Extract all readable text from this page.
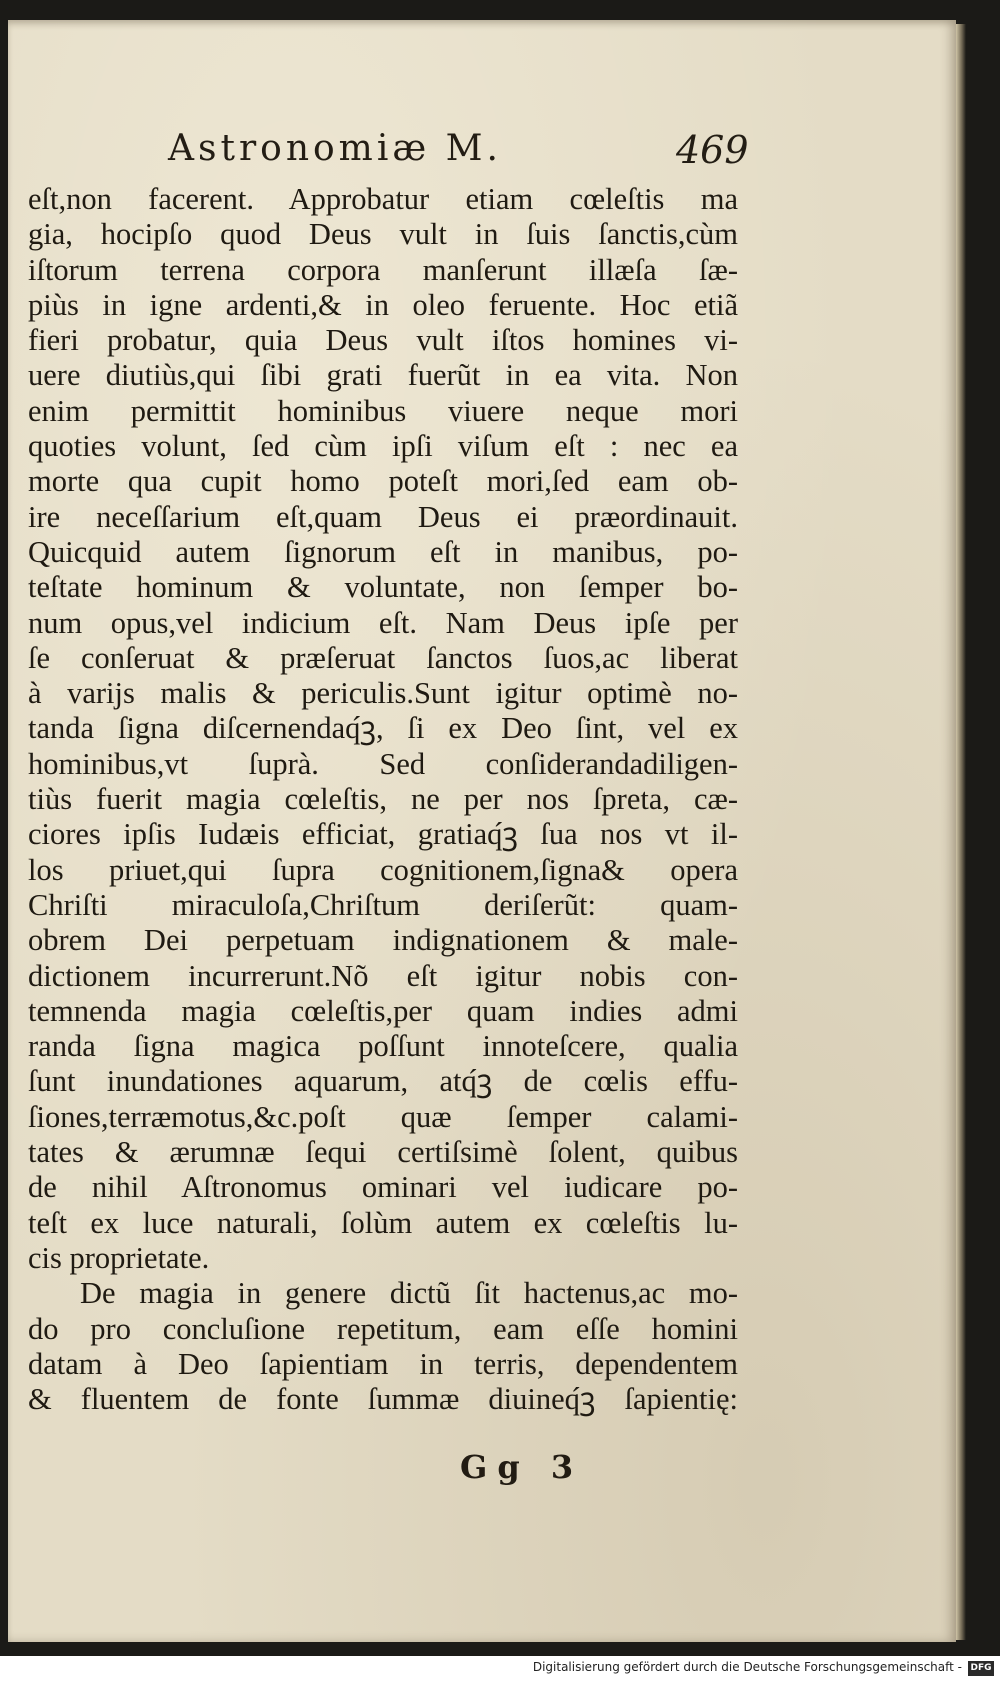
Astronomiæ M.	469
eſt,non facerent. Approbatur etiam cœleſtis ma
gia, hocipſo quod Deus vult in ſuis ſanctis,cùm
iſtorum terrena corpora manſerunt illæſa ſæ-
piùs in igne ardenti,& in oleo feruente. Hoc etiã
fieri probatur, quia Deus vult iſtos homines vi-
uere diutiùs,qui ſibi grati fuerũt in ea vita. Non
enim permittit hominibus viuere neque mori
quoties volunt, ſed cùm ipſi viſum eſt : nec ea
morte qua cupit homo poteſt mori,ſed eam ob-
ire neceſſarium eſt,quam Deus ei præordinauit.
Quicquid autem ſignorum eſt in manibus, po-
teſtate hominum & voluntate, non ſemper bo-
num opus,vel indicium eſt. Nam Deus ipſe per
ſe conſeruat & præſeruat ſanctos ſuos,ac liberat
à varijs malis & periculis.Sunt igitur optimè no-
tanda ſigna diſcernendaq́ꝫ, ſi ex Deo ſint, vel ex
hominibus,vt ſuprà. Sed conſiderandadiligen-
tiùs fuerit magia cœleſtis, ne per nos ſpreta, cæ-
ciores ipſis Iudæis efficiat, gratiaq́ꝫ ſua nos vt il-
los priuet,qui ſupra cognitionem,ſigna& opera
Chriſti miraculoſa,Chriſtum deriſerũt: quam-
obrem Dei perpetuam indignationem & male-
dictionem incurrerunt.Nõ eſt igitur nobis con-
temnenda magia cœleſtis,per quam indies admi
randa ſigna magica poſſunt innoteſcere, qualia
ſunt inundationes aquarum, atq́ꝫ de cœlis effu-
ſiones,terræmotus,&c.poſt quæ ſemper calami-
tates & ærumnæ ſequi certiſsimè ſolent, quibus
de nihil Aſtronomus ominari vel iudicare po-
teſt ex luce naturali, ſolùm autem ex cœleſtis lu-
cis proprietate.
De magia in genere dictũ ſit hactenus,ac mo-
do pro concluſione repetitum, eam eſſe homini
datam à Deo ſapientiam in terris, dependentem
& fluentem de fonte ſummæ diuineq́ꝫ ſapientię:
Gg 3
Digitalisierung gefördert durch die Deutsche Forschungsgemeinschaft - DFG
